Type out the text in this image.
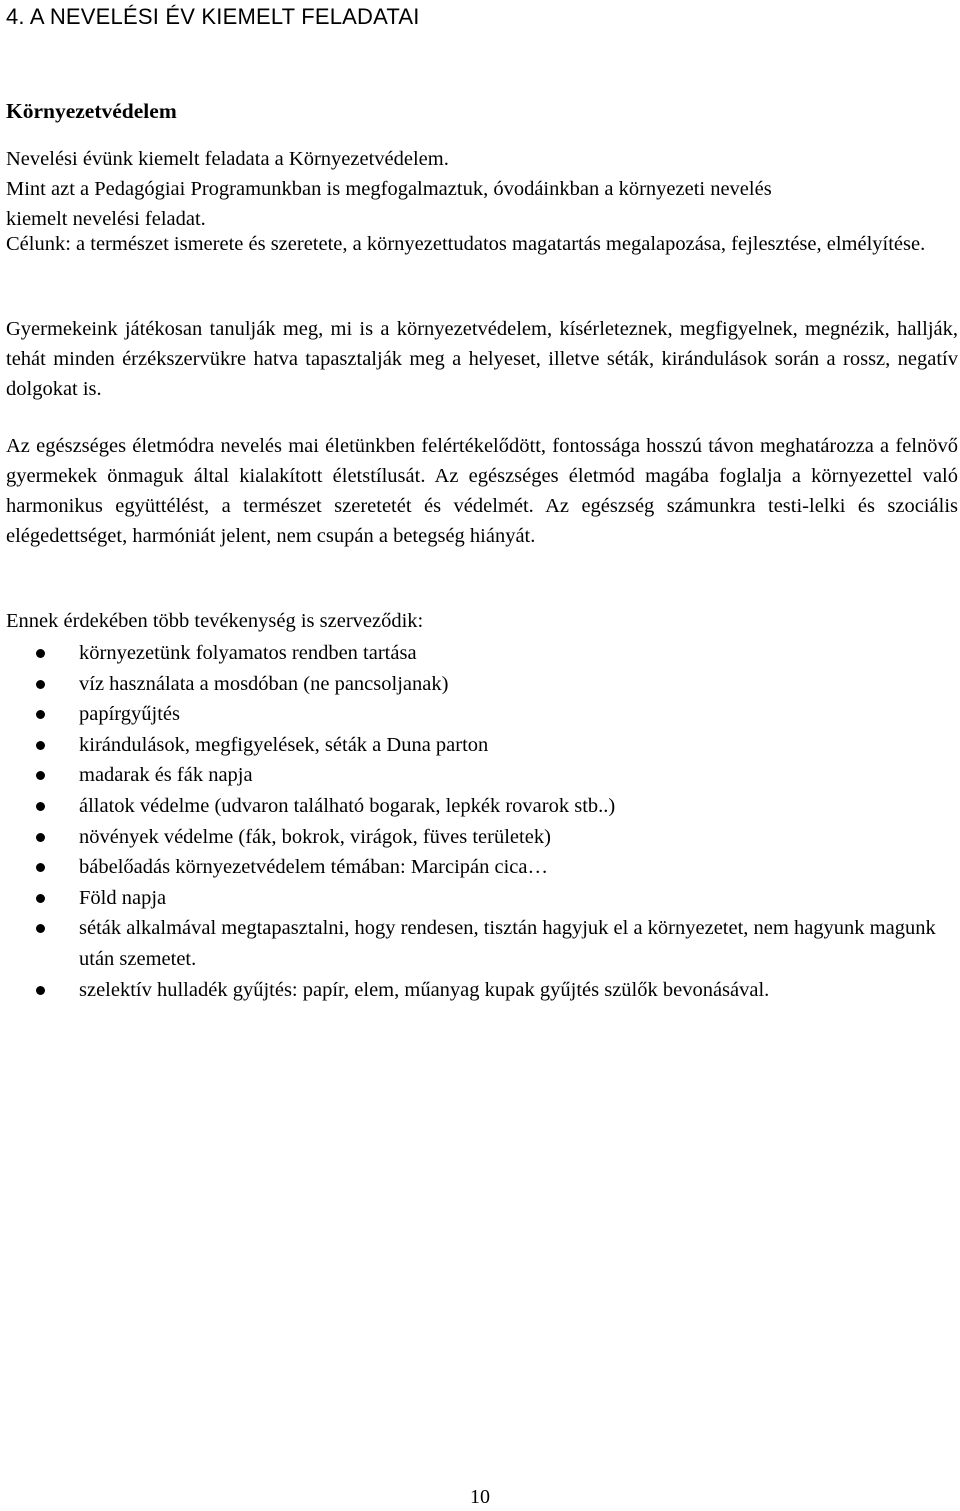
4. A NEVELÉSI ÉV KIEMELT FELADATAI
Környezetvédelem
Nevelési évünk kiemelt feladata a Környezetvédelem.
Mint azt a Pedagógiai Programunkban is megfogalmaztuk, óvodáinkban a környezeti nevelés
kiemelt nevelési feladat.

Célunk: a természet ismerete és szeretete, a környezettudatos magatartás megalapozása, fejlesztése, elmélyítése.

Gyermekeink játékosan tanulják meg, mi is a környezetvédelem, kísérleteznek, megfigyelnek, megnézik, hallják, tehát minden érzékszervükre hatva tapasztalják meg a helyeset, illetve séták, kirándulások során a rossz, negatív dolgokat is.

Az egészséges életmódra nevelés mai életünkben felértékelődött, fontossága hosszú távon meghatározza a felnövő gyermekek önmaguk által kialakított életstílusát. Az egészséges életmód magába foglalja a környezettel való harmonikus együttélést, a természet szeretetét és védelmét. Az egészség számunkra testi-lelki és szociális elégedettséget, harmóniát jelent, nem csupán a betegség hiányát.

Ennek érdekében több tevékenység is szerveződik:

környezetünk folyamatos rendben tartása
víz használata a mosdóban (ne pancsoljanak)
papírgyűjtés
kirándulások, megfigyelések, séták a Duna parton
madarak és fák napja
állatok védelme (udvaron található bogarak, lepkék rovarok stb..)
növények védelme (fák, bokrok, virágok, füves területek)
bábelőadás környezetvédelem témában: Marcipán cica…
Föld napja
séták alkalmával megtapasztalni, hogy rendesen, tisztán hagyjuk el a környezetet, nem hagyunk magunk után szemetet.
szelektív hulladék gyűjtés: papír, elem, műanyag kupak gyűjtés szülők bevonásával.
10
